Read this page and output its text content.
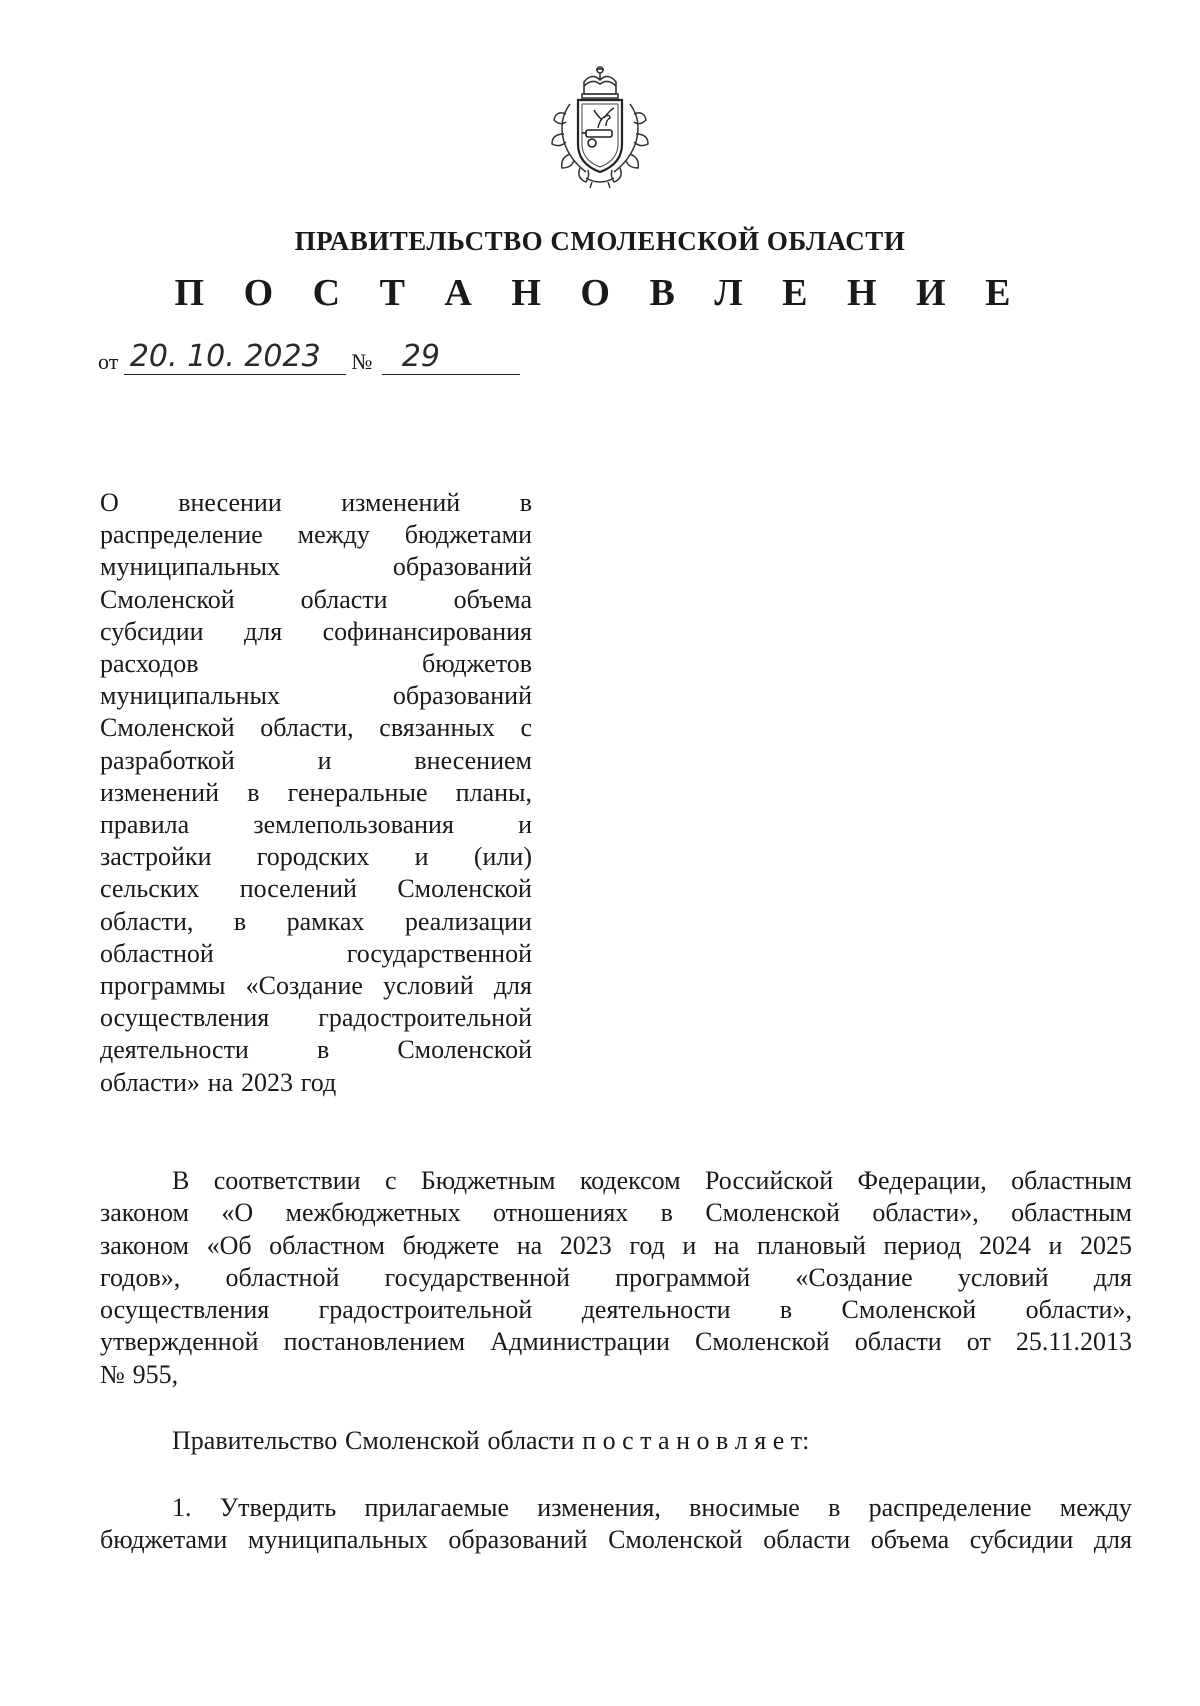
ПРАВИТЕЛЬСТВО СМОЛЕНСКОЙ ОБЛАСТИ
П О С Т А Н О В Л Е Н И Е
от 20. 10. 2023 № 29
О внесении изменений в
распределение между бюджетами
муниципальных	образований
Смоленской	области	объема
субсидии для софинансирования
расходов	бюджетов
муниципальных	образований
Смоленской области, связанных с
разработкой	и	внесением
изменений в генеральные планы,
правила землепользования и
застройки городских и (или)
сельских поселений Смоленской
области, в рамках реализации
областной	государственной
программы «Создание условий для
осуществления градостроительной
деятельности	в	Смоленской
области» на 2023 год
В соответствии с Бюджетным кодексом Российской Федерации, областным
законом «О межбюджетных отношениях в Смоленской области», областным
законом «Об областном бюджете на 2023 год и на плановый период 2024 и 2025
годов», областной государственной программой «Создание условий для
осуществления градостроительной деятельности в Смоленской области»,
утвержденной постановлением Администрации Смоленской области от 25.11.2013
№ 955,
Правительство Смоленской области п о с т а н о в л я е т:
1. Утвердить прилагаемые изменения, вносимые в распределение между
бюджетами муниципальных образований Смоленской области объема субсидии для
